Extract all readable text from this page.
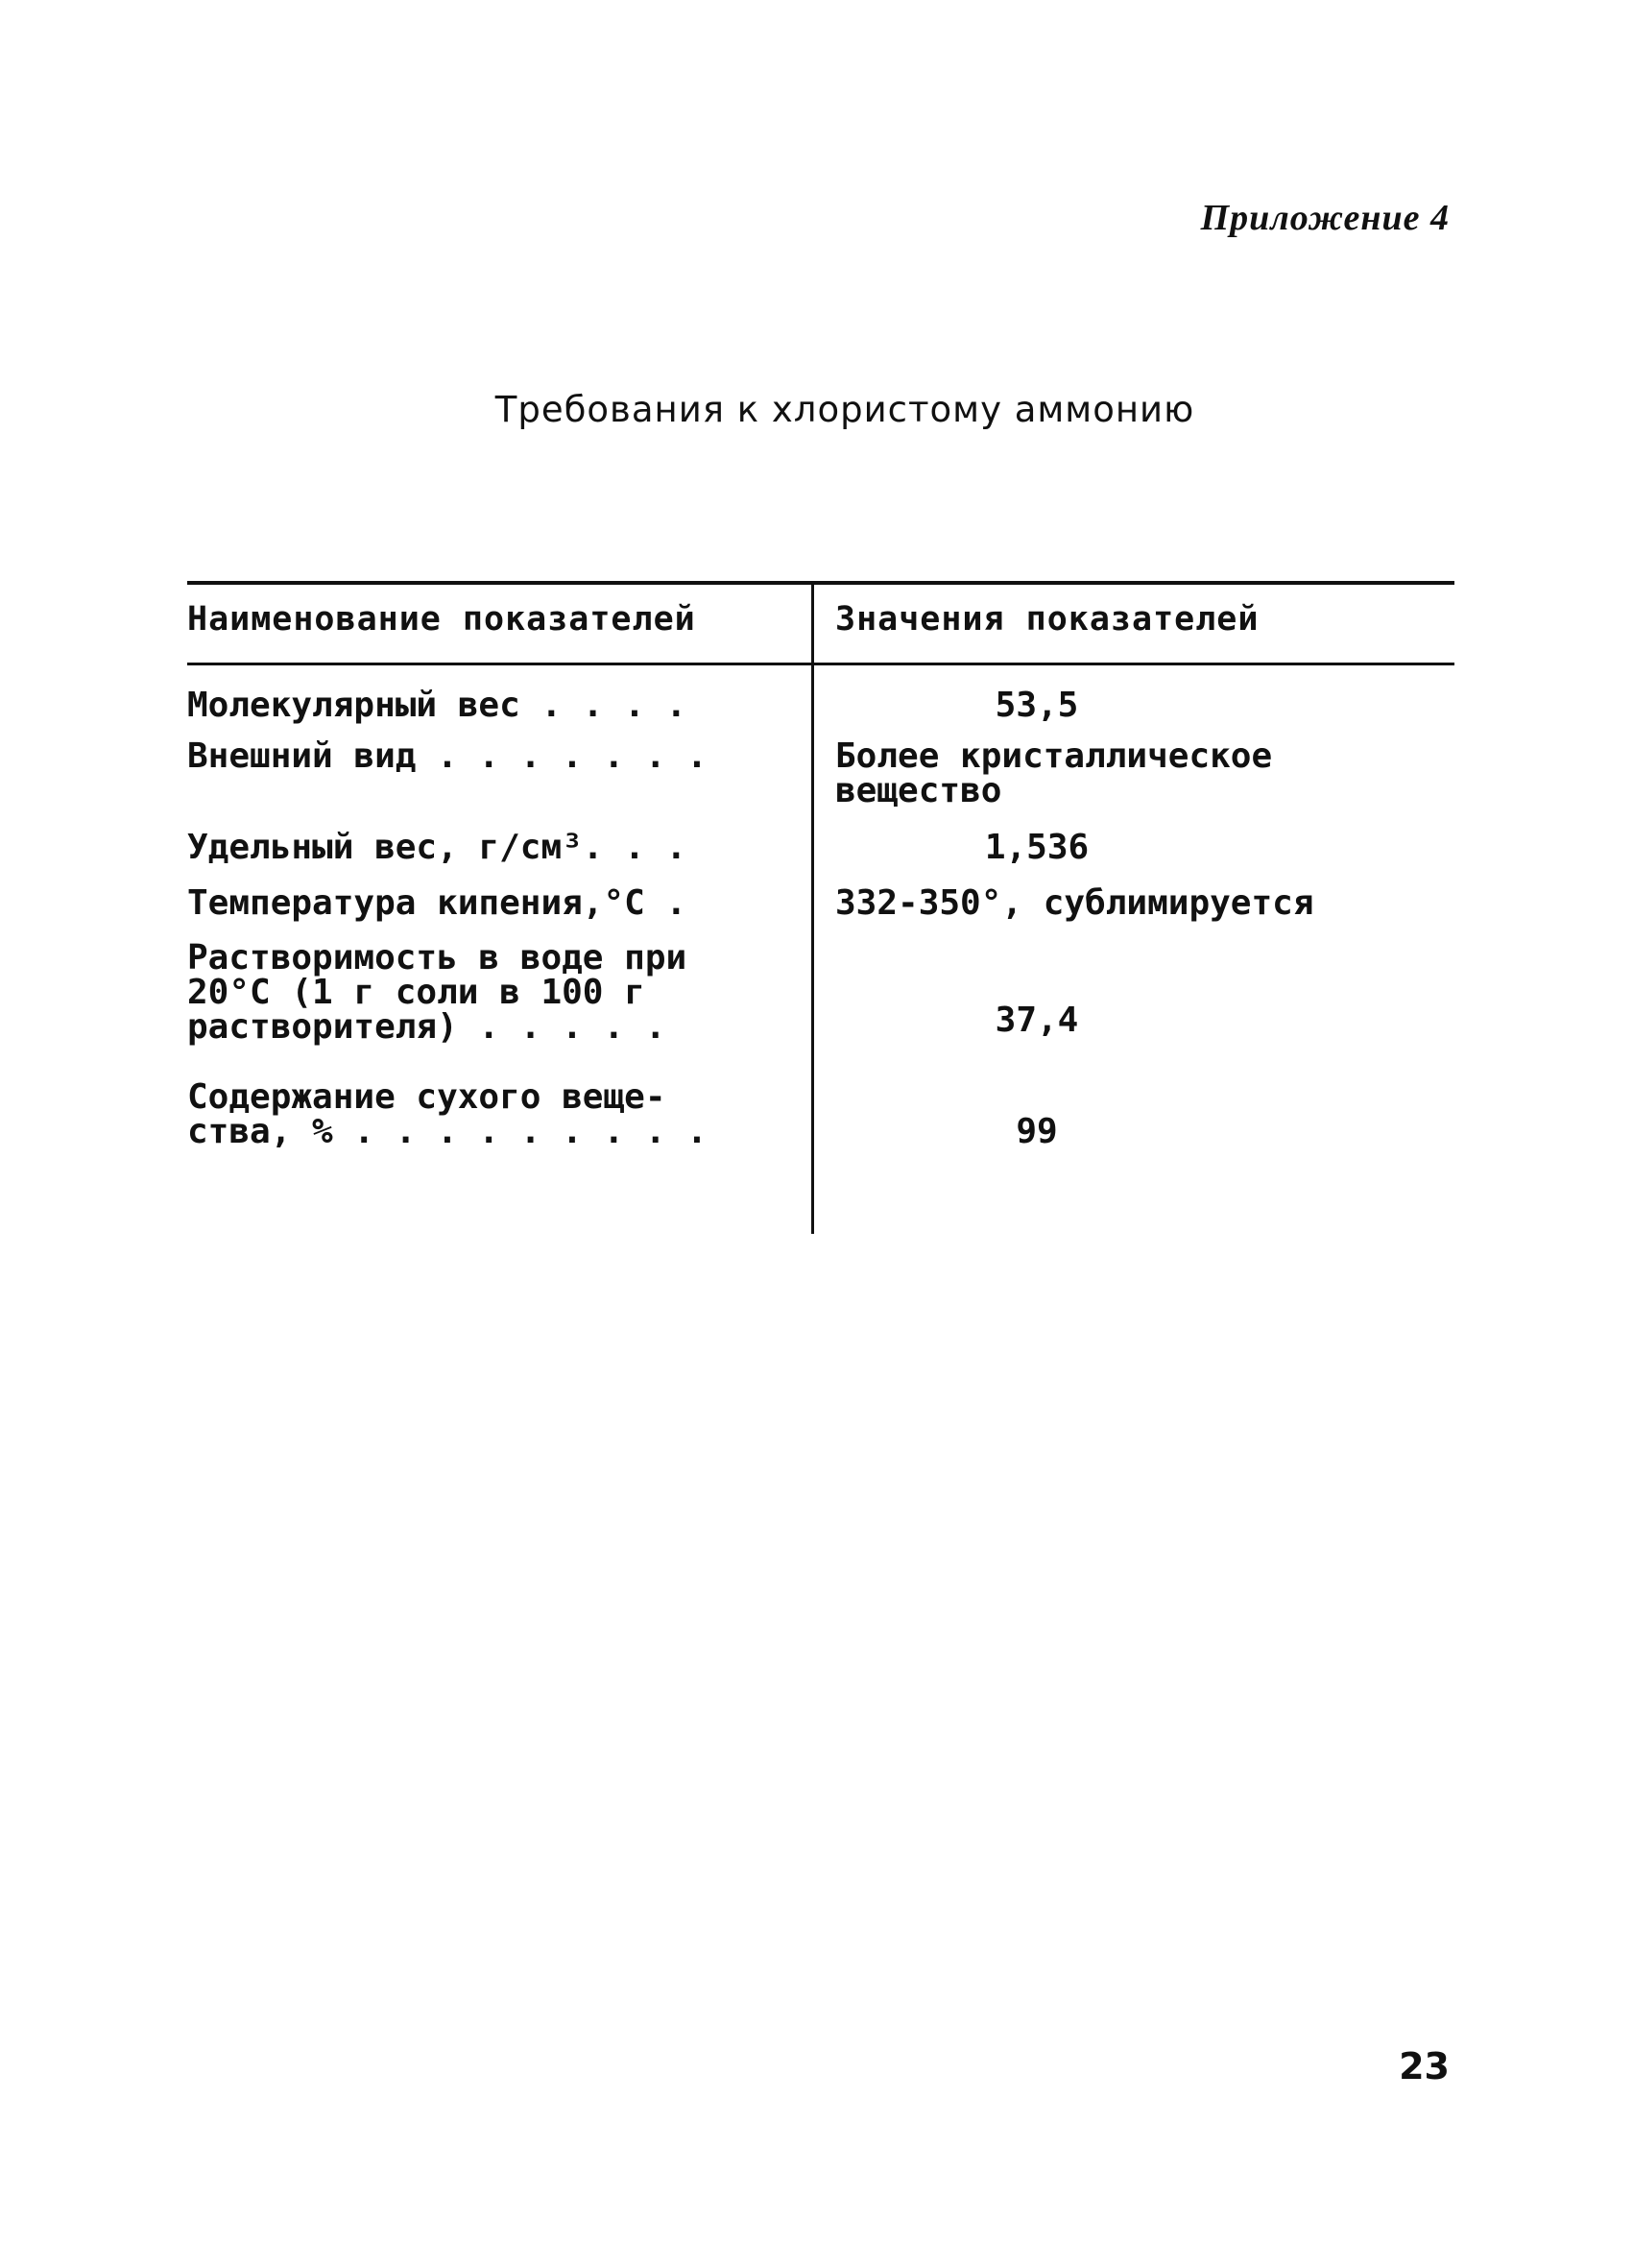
Приложение 4
Требования к хлористому аммонию
Наименование показателей	Значения показателей
Молекулярный вес . . . .	53,5
Внешний вид . . . . . . .	Более кристаллическое
вещество
Удельный вес, г/см³. . .	1,536
Температура кипения,°С .	332-350°, сублимируется
Растворимость в воде при
20°С (1 г соли в 100 г
растворителя) . . . . .	37,4
Содержание сухого веще-
ства, % . . . . . . . . .	99
23
